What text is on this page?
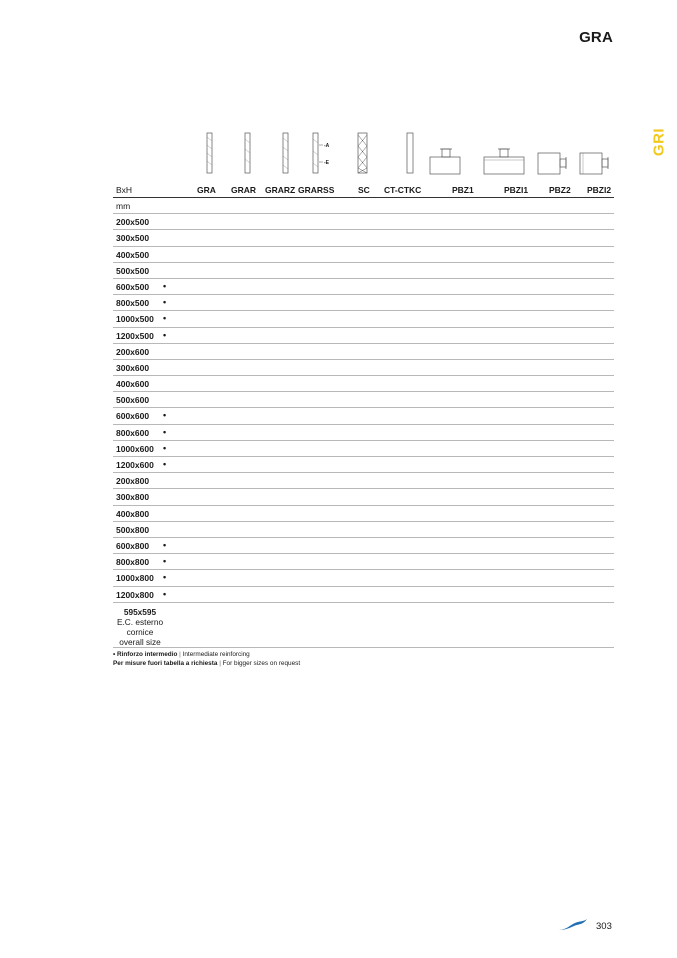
GRA
GRI
-A
-E
BxH	GRA GRAR GRARZ GRARSS	SC CT-CTKC	PBZ1	PBZI1 PBZ2 PBZI2
mm
200x500
300x500
400x500
500x500
600x500 •
800x500 •
1000x500 •
1200x500 •
200x600
300x600
400x600
500x600
600x600 •
800x600 •
1000x600 •
1200x600 •
200x800
300x800
400x800
500x800
600x800 •
800x800 •
1000x800 •
1200x800 •
595x595
E.C. esterno
cornice
overall size
• Rinforzo intermedio | Intermediate reinforcing
Per misure fuori tabella a richiesta | For bigger sizes on request
303
